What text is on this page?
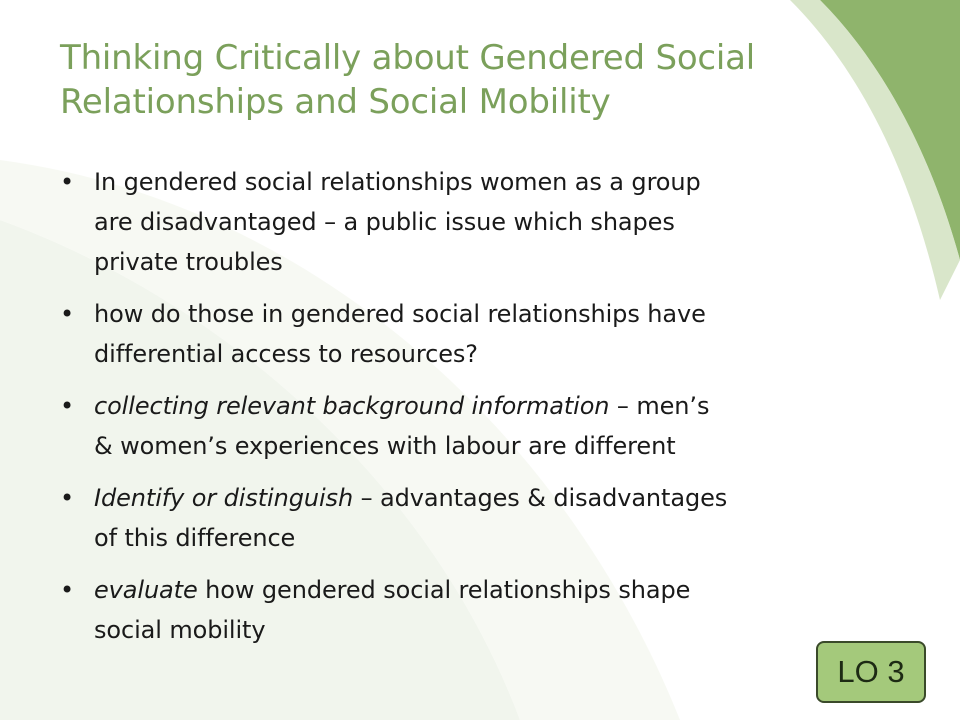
Thinking Critically about Gendered Social
Relationships and Social Mobility
• In gendered social relationships women as a group
are disadvantaged – a public issue which shapes
private troubles
• how do those in gendered social relationships have
differential access to resources?
• collecting relevant background information – men’s
& women’s experiences with labour are different
• Identify or distinguish – advantages & disadvantages
of this difference
• evaluate how gendered social relationships shape
social mobility
LO 3
